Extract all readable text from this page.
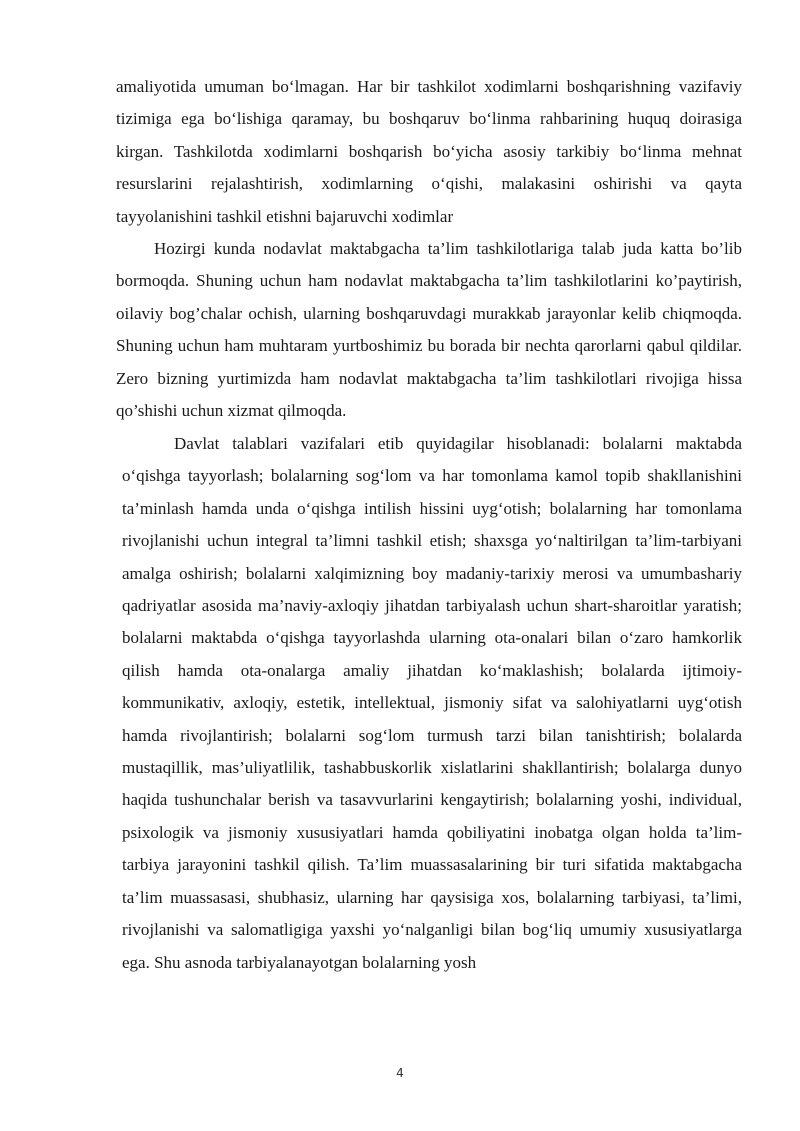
amaliyotida umuman bo‘lmagan. Har bir tashkilot xodimlarni boshqarishning vazifaviy tizimiga ega bo‘lishiga qaramay, bu boshqaruv bo‘linma rahbarining huquq doirasiga kirgan. Tashkilotda xodimlarni boshqarish bo‘yicha asosiy tarkibiy bo‘linma mehnat resurslarini rejalashtirish, xodimlarning o‘qishi, malakasini oshirishi va qayta tayyolanishini tashkil etishni bajaruvchi xodimlar

Hozirgi kunda nodavlat maktabgacha ta’lim tashkilotlariga talab juda katta bo’lib bormoqda. Shuning uchun ham nodavlat maktabgacha ta’lim tashkilotlarini ko’paytirish, oilaviy bog’chalar ochish, ularning boshqaruvdagi murakkab jarayonlar kelib chiqmoqda. Shuning uchun ham muhtaram yurtboshimiz bu borada bir nechta qarorlarni qabul qildilar. Zero bizning yurtimizda ham nodavlat maktabgacha ta’lim tashkilotlari rivojiga hissa qo’shishi uchun xizmat qilmoqda.

Davlat talablari vazifalari etib quyidagilar hisoblanadi: bolalarni maktabda o‘qishga tayyorlash; bolalarning sog‘lom va har tomonlama kamol topib shakllanishini ta’minlash hamda unda o‘qishga intilish hissini uyg‘otish; bolalarning har tomonlama rivojlanishi uchun integral ta’limni tashkil etish; shaxsga yo‘naltirilgan ta’lim-tarbiyani amalga oshirish; bolalarni xalqimizning boy madaniy-tarixiy merosi va umumbashariy qadriyatlar asosida ma’naviy-axloqiy jihatdan tarbiyalash uchun shart-sharoitlar yaratish; bolalarni maktabda o‘qishga tayyorlashda ularning ota-onalari bilan o‘zaro hamkorlik qilish hamda ota-onalarga amaliy jihatdan ko‘maklashish; bolalarda ijtimoiy-kommunikativ, axloqiy, estetik, intellektual, jismoniy sifat va salohiyatlarni uyg‘otish hamda rivojlantirish; bolalarni sog‘lom turmush tarzi bilan tanishtirish; bolalarda mustaqillik, mas’uliyatlilik, tashabbuskorlik xislatlarini shakllantirish; bolalarga dunyo haqida tushunchalar berish va tasavvurlarini kengaytirish; bolalarning yoshi, individual, psixologik va jismoniy xususiyatlari hamda qobiliyatini inobatga olgan holda ta’lim-tarbiya jarayonini tashkil qilish. Ta’lim muassasalarining bir turi sifatida maktabgacha ta’lim muassasasi, shubhasiz, ularning har qaysisiga xos, bolalarning tarbiyasi, ta’limi, rivojlanishi va salomatligiga yaxshi yo‘nalganligi bilan bog‘liq umumiy xususiyatlarga ega. Shu asnoda tarbiyalanayotgan bolalarning yosh

4
